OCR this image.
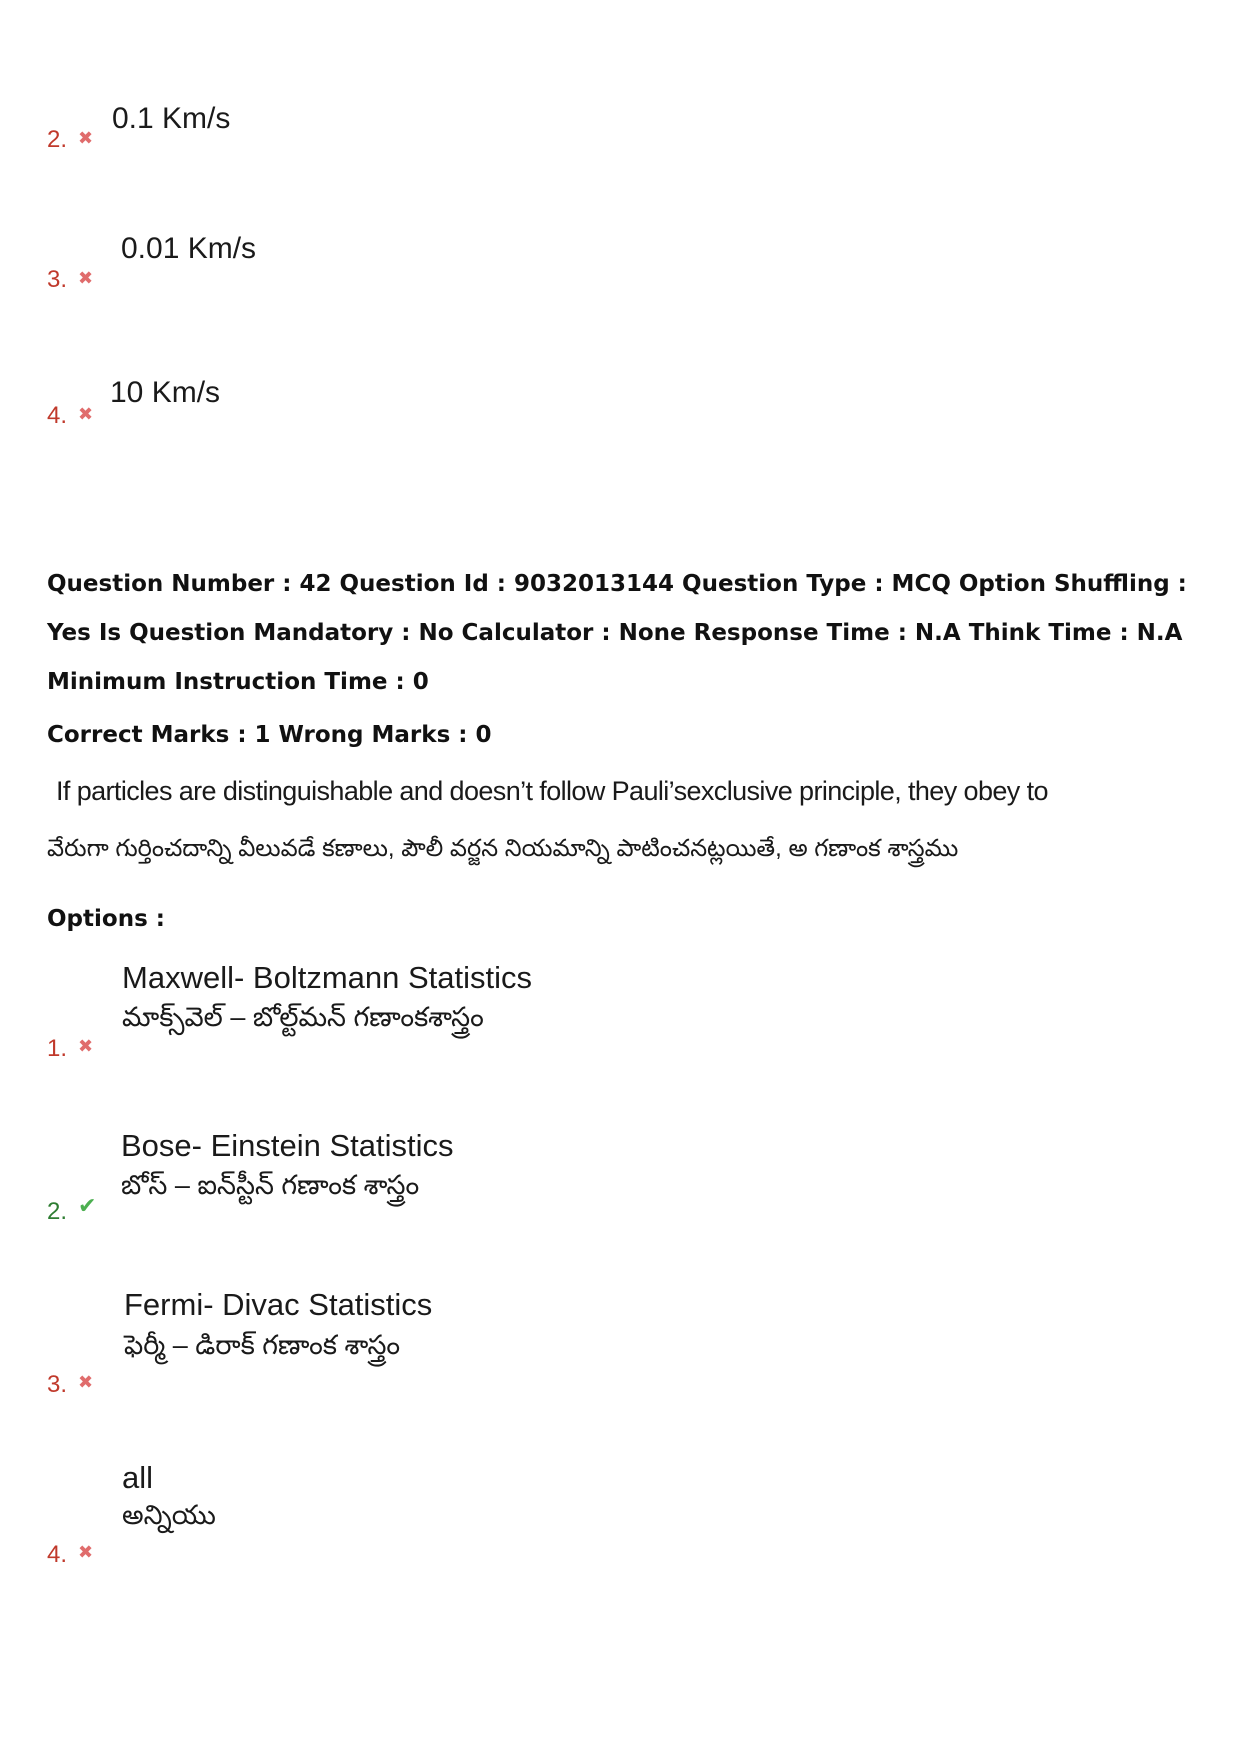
2. ✖
0.1 Km/s
3. ✖
0.01 Km/s
4. ✖
10 Km/s
Question Number : 42 Question Id : 9032013144 Question Type : MCQ Option Shuffling : Yes Is Question Mandatory : No Calculator : None Response Time : N.A Think Time : N.A Minimum Instruction Time : 0
Correct Marks : 1 Wrong Marks : 0
If particles are distinguishable and doesn’t follow Pauli’sexclusive principle, they obey to
వేరుగా గుర్తించదాన్ని వీలువడే కణాలు, పౌలీ వర్జన నియమాన్ని పాటించనట్లయితే, అ గణాంక శాస్త్రము
Options :
1. ✖
Maxwell- Boltzmann Statistics
మాక్స్‌వెల్ – బోల్ట్‌మన్ గణాంకశాస్త్రం
2. ✔
Bose- Einstein Statistics
బోస్ – ఐన్‌స్టీన్ గణాంక శాస్త్రం
3. ✖
Fermi- Divac Statistics
ఫెర్మీ – డిరాక్ గణాంక శాస్త్రం
4. ✖
all
అన్నియు
